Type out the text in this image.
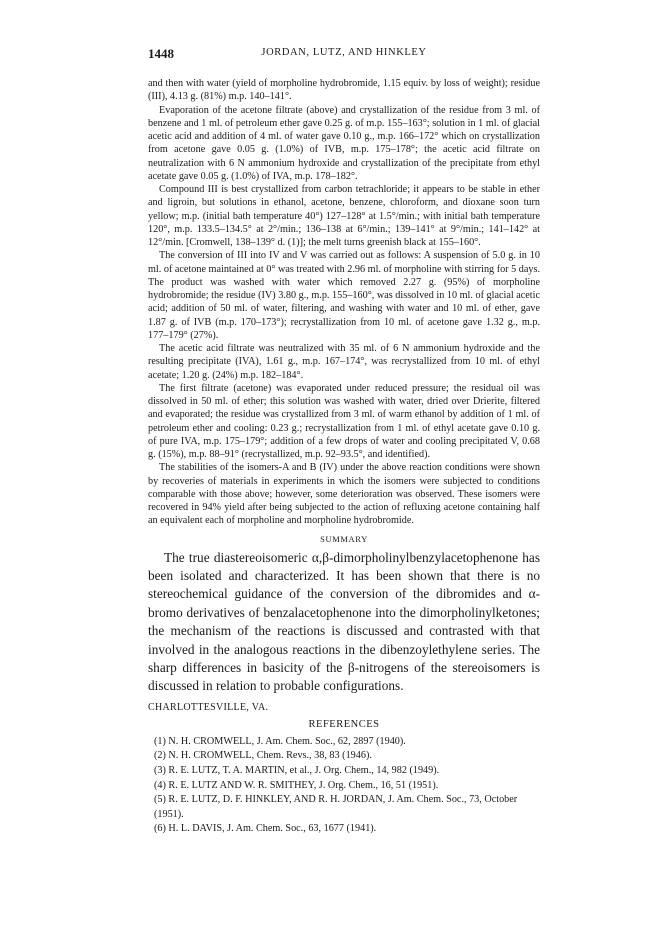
1448	JORDAN, LUTZ, AND HINKLEY

and then with water (yield of morpholine hydrobromide, 1.15 equiv. by loss of weight); residue (III), 4.13 g. (81%) m.p. 140–141°.

Evaporation of the acetone filtrate (above) and crystallization of the residue from 3 ml. of benzene and 1 ml. of petroleum ether gave 0.25 g. of m.p. 155–163°; solution in 1 ml. of glacial acetic acid and addition of 4 ml. of water gave 0.10 g., m.p. 166–172° which on crystallization from acetone gave 0.05 g. (1.0%) of IVB, m.p. 175–178°; the acetic acid filtrate on neutralization with 6 N ammonium hydroxide and crystallization of the precipitate from ethyl acetate gave 0.05 g. (1.0%) of IVA, m.p. 178–182°.

Compound III is best crystallized from carbon tetrachloride; it appears to be stable in ether and ligroin, but solutions in ethanol, acetone, benzene, chloroform, and dioxane soon turn yellow; m.p. (initial bath temperature 40°) 127–128° at 1.5°/min.; with initial bath temperature 120°, m.p. 133.5–134.5° at 2°/min.; 136–138 at 6°/min.; 139–141° at 9°/min.; 141–142° at 12°/min. [Cromwell, 138–139° d. (1)]; the melt turns greenish black at 155–160°.

The conversion of III into IV and V was carried out as follows: A suspension of 5.0 g. in 10 ml. of acetone maintained at 0° was treated with 2.96 ml. of morpholine with stirring for 5 days. The product was washed with water which removed 2.27 g. (95%) of morpholine hydrobromide; the residue (IV) 3.80 g., m.p. 155–160°, was dissolved in 10 ml. of glacial acetic acid; addition of 50 ml. of water, filtering, and washing with water and 10 ml. of ether, gave 1.87 g. of IVB (m.p. 170–173°); recrystallization from 10 ml. of acetone gave 1.32 g., m.p. 177–179° (27%).

The acetic acid filtrate was neutralized with 35 ml. of 6 N ammonium hydroxide and the resulting precipitate (IVA), 1.61 g., m.p. 167–174°, was recrystallized from 10 ml. of ethyl acetate; 1.20 g. (24%) m.p. 182–184°.

The first filtrate (acetone) was evaporated under reduced pressure; the residual oil was dissolved in 50 ml. of ether; this solution was washed with water, dried over Drierite, filtered and evaporated; the residue was crystallized from 3 ml. of warm ethanol by addition of 1 ml. of petroleum ether and cooling: 0.23 g.; recrystallization from 1 ml. of ethyl acetate gave 0.10 g. of pure IVA, m.p. 175–179°; addition of a few drops of water and cooling precipitated V, 0.68 g. (15%), m.p. 88–91° (recrystallized, m.p. 92–93.5°, and identified).

The stabilities of the isomers-A and B (IV) under the above reaction conditions were shown by recoveries of materials in experiments in which the isomers were subjected to conditions comparable with those above; however, some deterioration was observed. These isomers were recovered in 94% yield after being subjected to the action of refluxing acetone containing half an equivalent each of morpholine and morpholine hydrobromide.

SUMMARY

The true diastereoisomeric α,β-dimorpholinylbenzylacetophenone has been isolated and characterized. It has been shown that there is no stereochemical guidance of the conversion of the dibromides and α-bromo derivatives of benzalacetophenone into the dimorpholinylketones; the mechanism of the reactions is discussed and contrasted with that involved in the analogous reactions in the dibenzoylethylene series. The sharp differences in basicity of the β-nitrogens of the stereoisomers is discussed in relation to probable configurations.

CHARLOTTESVILLE, VA.

REFERENCES
(1) N. H. CROMWELL, J. Am. Chem. Soc., 62, 2897 (1940).
(2) N. H. CROMWELL, Chem. Revs., 38, 83 (1946).
(3) R. E. LUTZ, T. A. MARTIN, et al., J. Org. Chem., 14, 982 (1949).
(4) R. E. LUTZ AND W. R. SMITHEY, J. Org. Chem., 16, 51 (1951).
(5) R. E. LUTZ, D. F. HINKLEY, AND R. H. JORDAN, J. Am. Chem. Soc., 73, October (1951).
(6) H. L. DAVIS, J. Am. Chem. Soc., 63, 1677 (1941).
